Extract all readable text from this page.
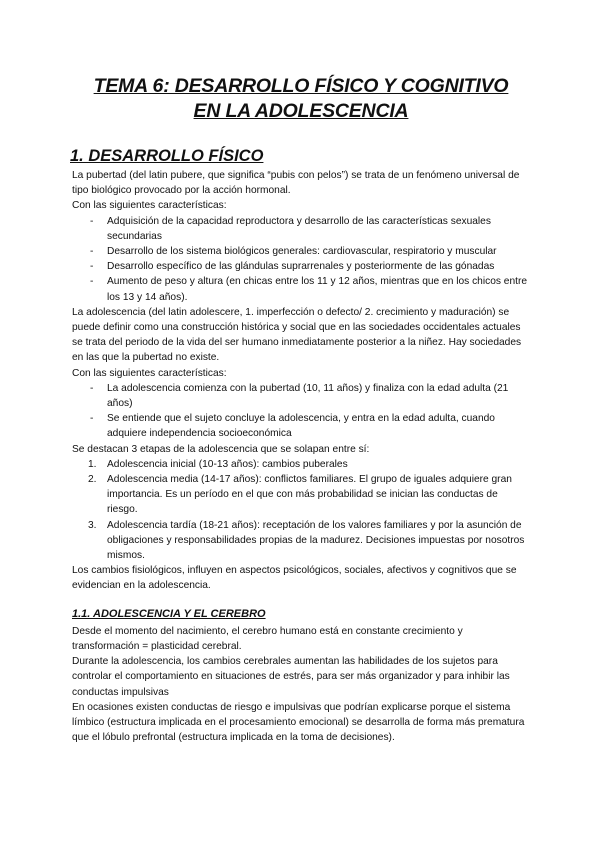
TEMA 6: DESARROLLO FÍSICO Y COGNITIVO
EN LA ADOLESCENCIA
1. DESARROLLO FÍSICO

La pubertad (del latin pubere, que significa “pubis con pelos”) se trata de un fenómeno universal de tipo biológico provocado por la acción hormonal.

Con las siguientes características:

- Adquisición de la capacidad reproductora y desarrollo de las características sexuales secundarias
- Desarrollo de los sistema biológicos generales: cardiovascular, respiratorio y muscular
- Desarrollo específico de las glándulas suprarrenales y posteriormente de las gónadas
- Aumento de peso y altura (en chicas entre los 11 y 12 años, mientras que en los chicos entre los 13 y 14 años).

La adolescencia (del latin adolescere, 1. imperfección o defecto/ 2. crecimiento y maduración) se puede definir como una construcción histórica y social que en las sociedades occidentales actuales se trata del periodo de la vida del ser humano inmediatamente posterior a la niñez. Hay sociedades en las que la pubertad no existe.

Con las siguientes características:

- La adolescencia comienza con la pubertad (10, 11 años) y finaliza con la edad adulta (21 años)
- Se entiende que el sujeto concluye la adolescencia, y entra en la edad adulta, cuando adquiere independencia socioeconómica

Se destacan 3 etapas de la adolescencia que se solapan entre sí:

1. Adolescencia inicial (10-13 años): cambios puberales
2. Adolescencia media (14-17 años): conflictos familiares. El grupo de iguales adquiere gran importancia. Es un período en el que con más probabilidad se inician las conductas de riesgo.
3. Adolescencia tardía (18-21 años): receptación de los valores familiares y por la asunción de obligaciones y responsabilidades propias de la madurez. Decisiones impuestas por nosotros mismos.

Los cambios fisiológicos, influyen en aspectos psicológicos, sociales, afectivos y cognitivos que se evidencian en la adolescencia.

1.1. ADOLESCENCIA Y EL CEREBRO

Desde el momento del nacimiento, el cerebro humano está en constante crecimiento y transformación = plasticidad cerebral.

Durante la adolescencia, los cambios cerebrales aumentan las habilidades de los sujetos para controlar el comportamiento en situaciones de estrés, para ser más organizador y para inhibir las conductas impulsivas

En ocasiones existen conductas de riesgo e impulsivas que podrían explicarse porque el sistema límbico (estructura implicada en el procesamiento emocional) se desarrolla de forma más prematura que el lóbulo prefrontal (estructura implicada en la toma de decisiones).
